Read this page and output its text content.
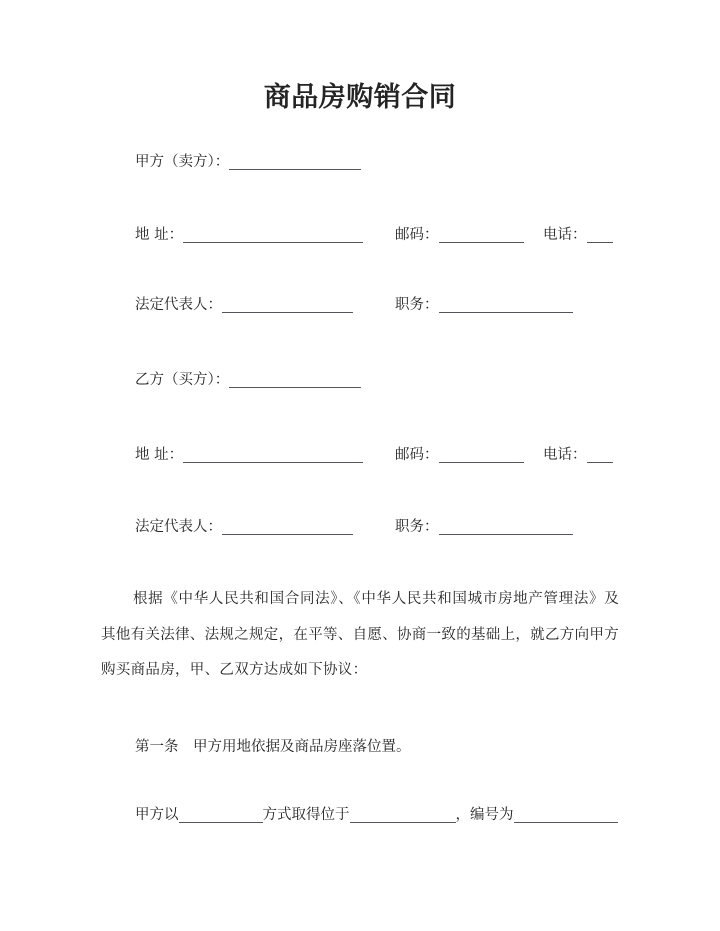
商品房购销合同
甲方（卖方）：
地 址：	邮码：	电话：
法定代表人：	职务：
乙方（买方）：
地 址：	邮码：	电话：
法定代表人：	职务：
根据《中华人民共和国合同法》、《中华人民共和国城市房地产管理法》及其他有关法律、法规之规定，在平等、自愿、协商一致的基础上，就乙方向甲方购买商品房，甲、乙双方达成如下协议：
第一条　甲方用地依据及商品房座落位置。
甲方以	方式取得位于	，编号为
